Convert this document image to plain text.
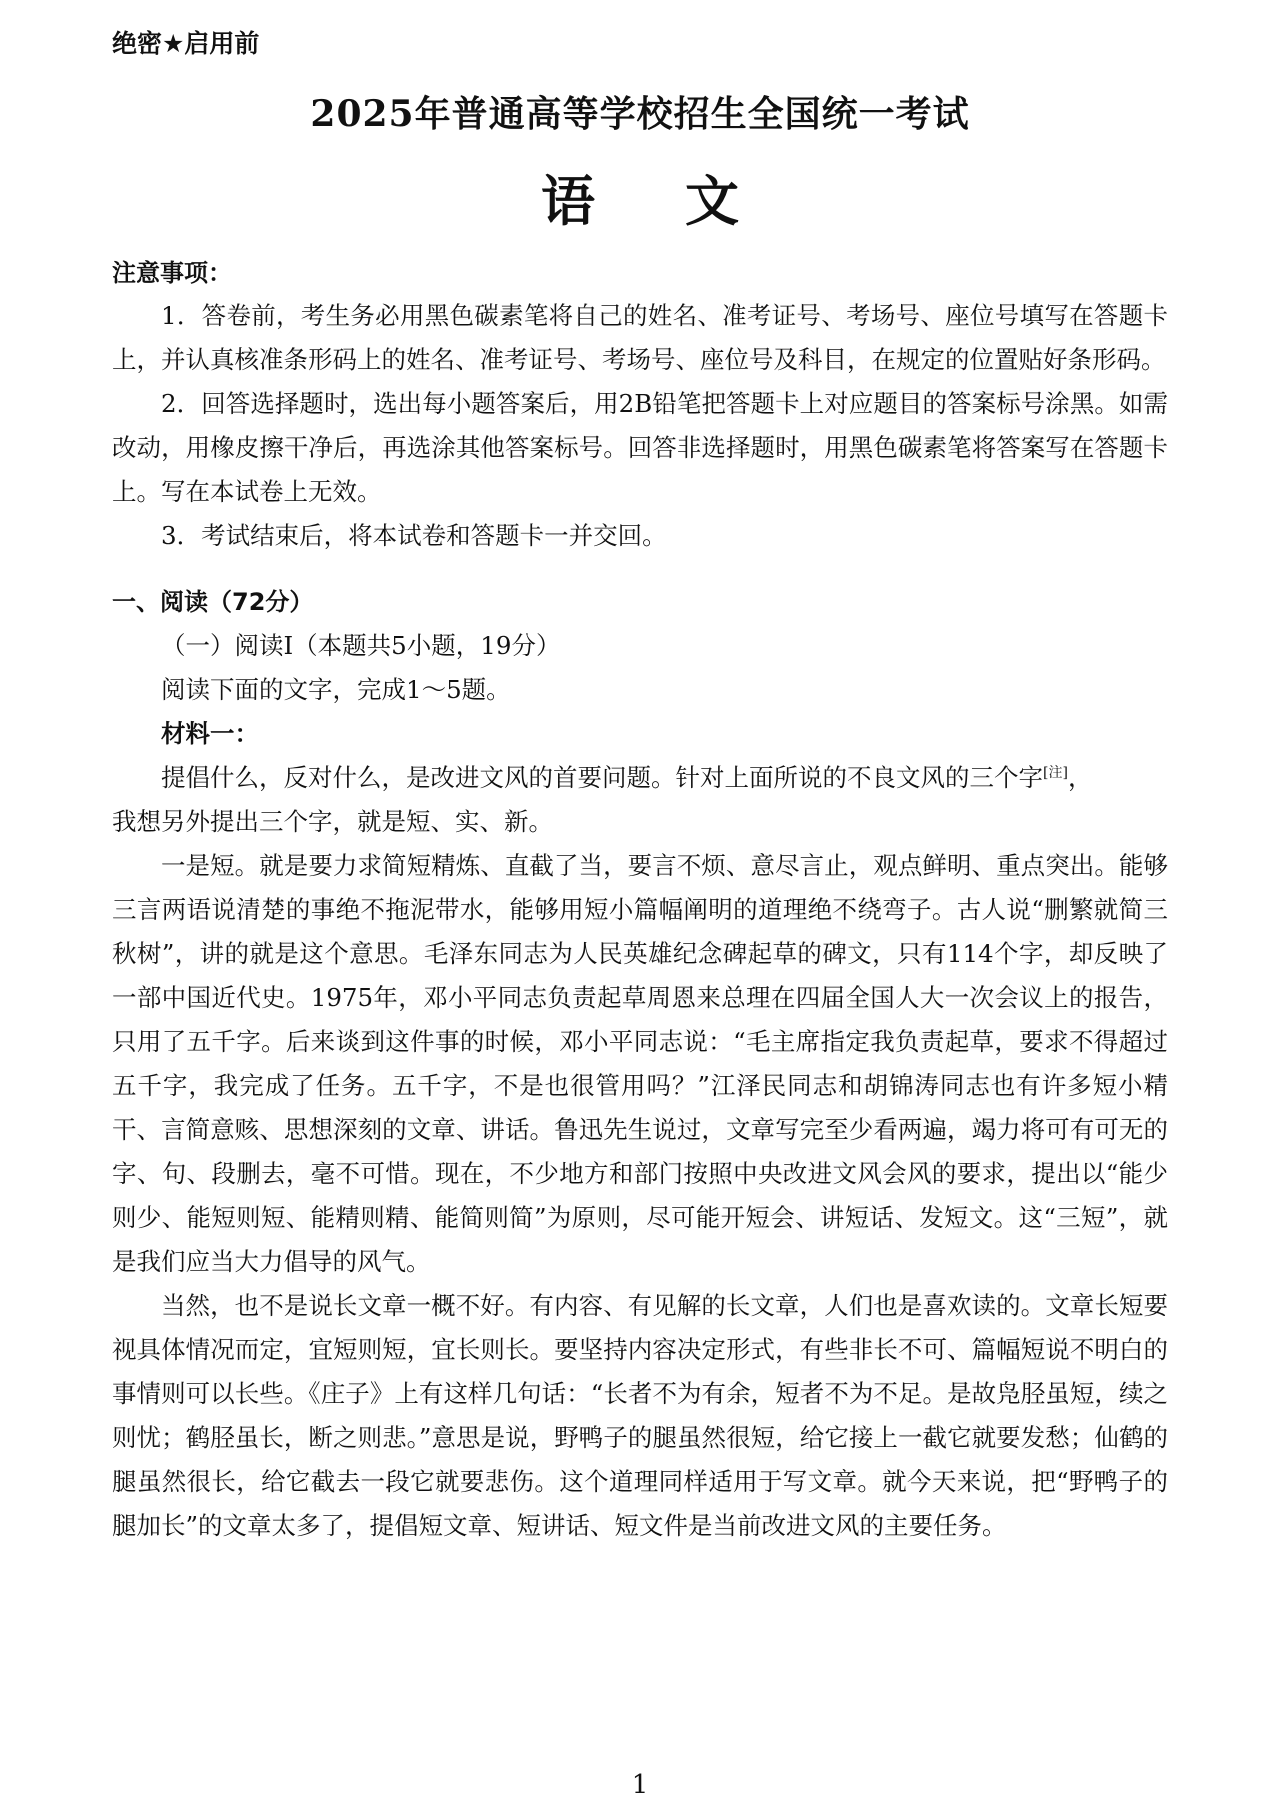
绝密★启用前
2025年普通高等学校招生全国统一考试
语文
注意事项：

1．答卷前，考生务必用黑色碳素笔将自己的姓名、准考证号、考场号、座位号填写在答题卡上，并认真核准条形码上的姓名、准考证号、考场号、座位号及科目，在规定的位置贴好条形码。

2．回答选择题时，选出每小题答案后，用2B铅笔把答题卡上对应题目的答案标号涂黑。如需改动，用橡皮擦干净后，再选涂其他答案标号。回答非选择题时，用黑色碳素笔将答案写在答题卡上。写在本试卷上无效。

3．考试结束后，将本试卷和答题卡一并交回。

一、阅读（72分）
（一）阅读Ⅰ（本题共5小题，19分）
阅读下面的文字，完成1～5题。
材料一：

提倡什么，反对什么，是改进文风的首要问题。针对上面所说的不良文风的三个字[注]，

我想另外提出三个字，就是短、实、新。

一是短。就是要力求简短精炼、直截了当，要言不烦、意尽言止，观点鲜明、重点突出。能够三言两语说清楚的事绝不拖泥带水，能够用短小篇幅阐明的道理绝不绕弯子。古人说“删繁就简三秋树”，讲的就是这个意思。毛泽东同志为人民英雄纪念碑起草的碑文，只有114个字，却反映了一部中国近代史。1975年，邓小平同志负责起草周恩来总理在四届全国人大一次会议上的报告，只用了五千字。后来谈到这件事的时候，邓小平同志说：“毛主席指定我负责起草，要求不得超过五千字，我完成了任务。五千字，不是也很管用吗？”江泽民同志和胡锦涛同志也有许多短小精干、言简意赅、思想深刻的文章、讲话。鲁迅先生说过，文章写完至少看两遍，竭力将可有可无的字、句、段删去，毫不可惜。现在，不少地方和部门按照中央改进文风会风的要求，提出以“能少则少、能短则短、能精则精、能简则简”为原则，尽可能开短会、讲短话、发短文。这“三短”，就是我们应当大力倡导的风气。

当然，也不是说长文章一概不好。有内容、有见解的长文章，人们也是喜欢读的。文章长短要视具体情况而定，宜短则短，宜长则长。要坚持内容决定形式，有些非长不可、篇幅短说不明白的事情则可以长些。《庄子》上有这样几句话：“长者不为有余，短者不为不足。是故凫胫虽短，续之则忧；鹤胫虽长，断之则悲。”意思是说，野鸭子的腿虽然很短，给它接上一截它就要发愁；仙鹤的腿虽然很长，给它截去一段它就要悲伤。这个道理同样适用于写文章。就今天来说，把“野鸭子的腿加长”的文章太多了，提倡短文章、短讲话、短文件是当前改进文风的主要任务。

1
